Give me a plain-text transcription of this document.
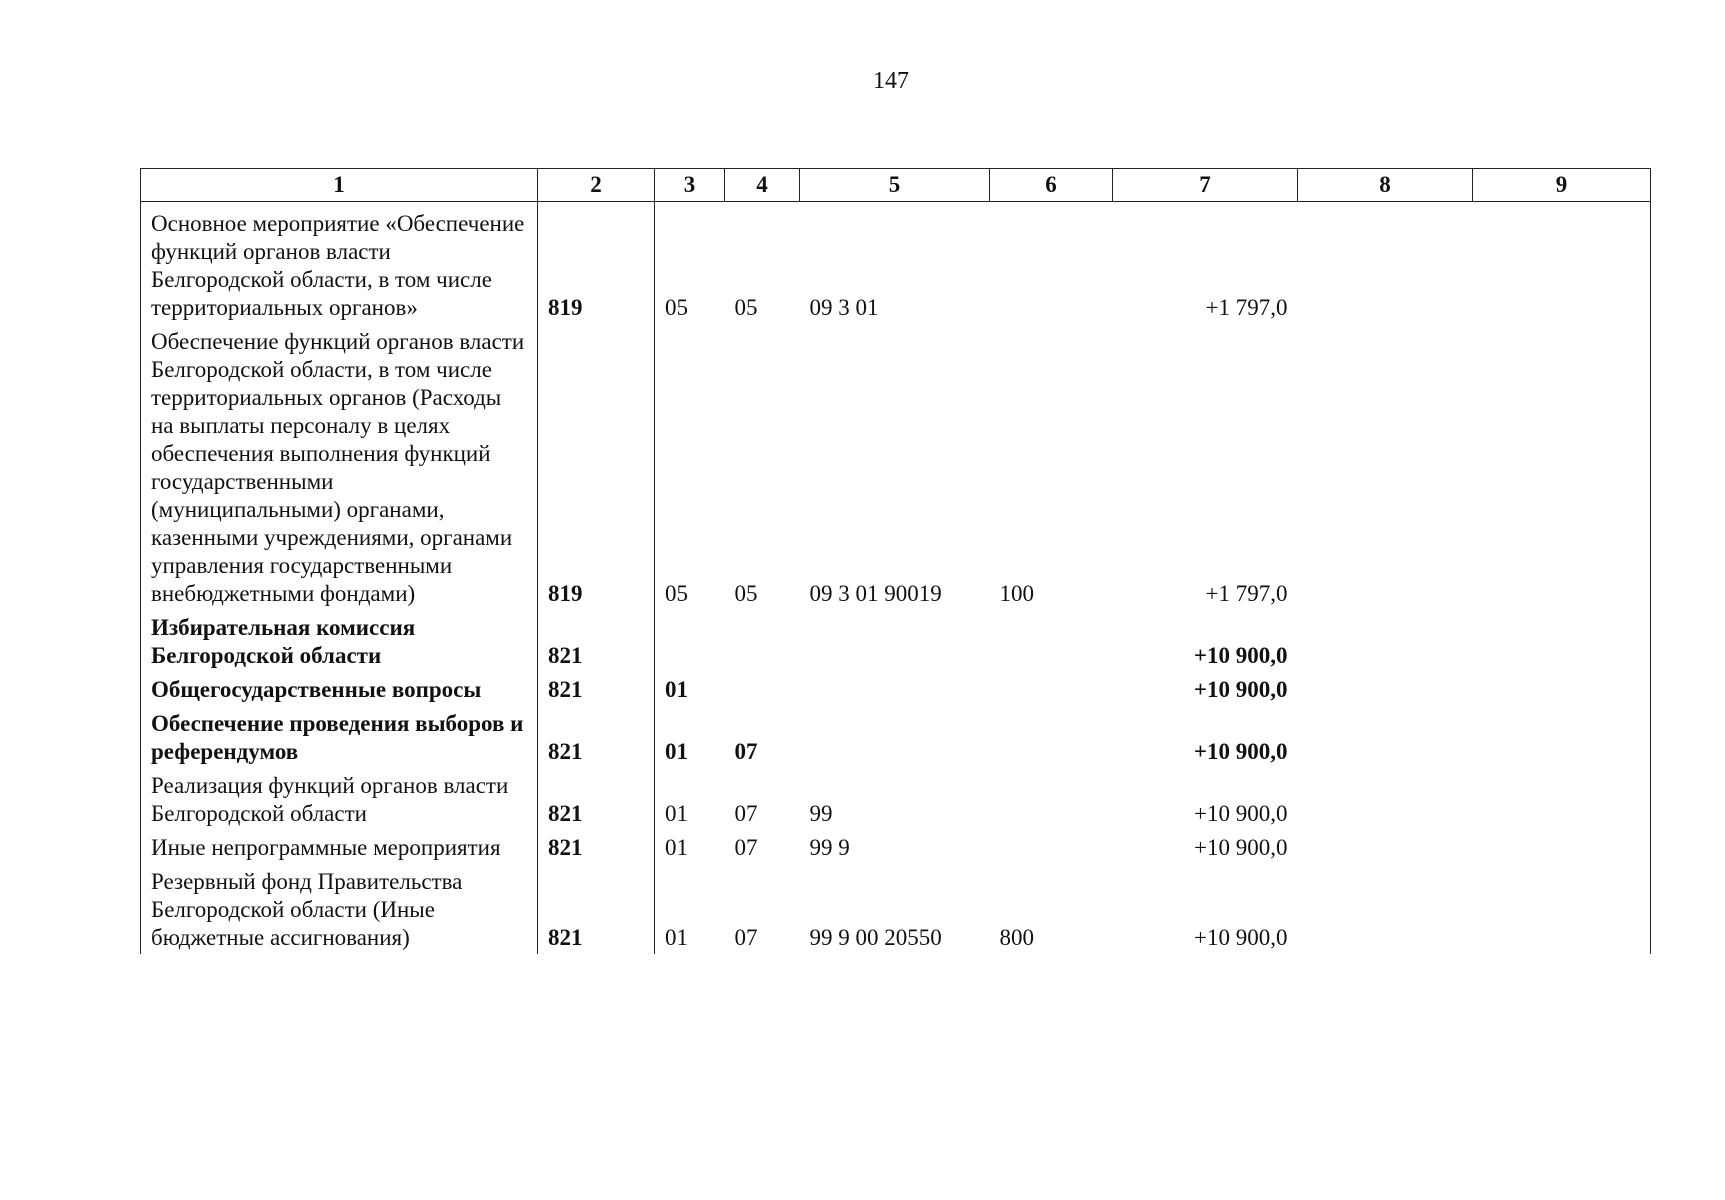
147
1	2	3	4	5	6	7	8	9
Основное мероприятие «Обеспечение функций органов власти Белгородской области, в том числе территориальных органов»	819	05	05	09 3 01		+1 797,0		
Обеспечение функций органов власти Белгородской области, в том числе территориальных органов (Расходы на выплаты персоналу в целях обеспечения выполнения функций государственными (муниципальными) органами, казенными учреждениями, органами управления государственными внебюджетными фондами)	819	05	05	09 3 01 90019	100	+1 797,0		
Избирательная комиссия Белгородской области	821					+10 900,0		
Общегосударственные вопросы	821	01				+10 900,0		
Обеспечение проведения выборов и референдумов	821	01	07			+10 900,0		
Реализация функций органов власти Белгородской области	821	01	07	99		+10 900,0		
Иные непрограммные мероприятия	821	01	07	99 9		+10 900,0		
Резервный фонд Правительства Белгородской области (Иные бюджетные ассигнования)	821	01	07	99 9 00 20550	800	+10 900,0		
